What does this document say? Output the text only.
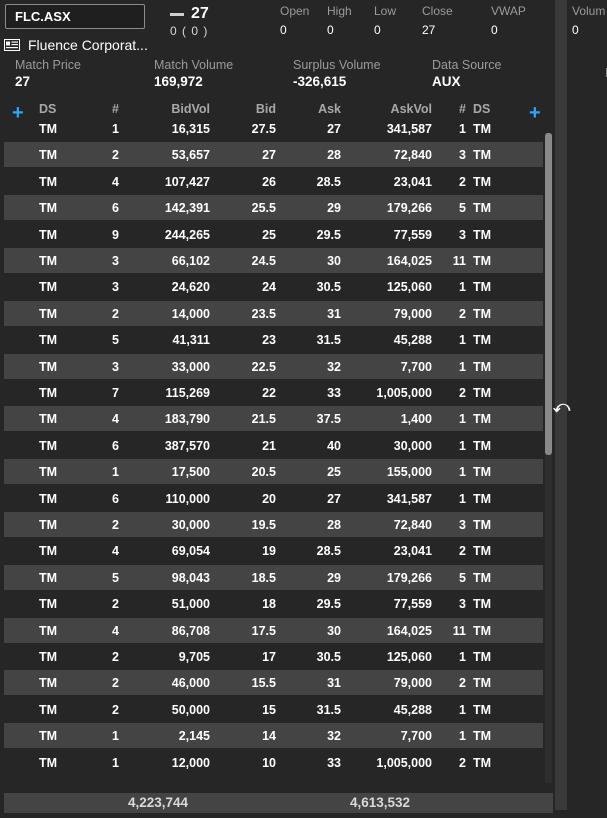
FLC.ASX
Fluence Corporat...
27
0 ( 0 )
Open High Low Close	VWAP	Volum
0	0	0	27	0	0
Match Price	Match Volume	Surplus Volume	Data Source
27	169,972	-326,615	AUX
+ DS	#	BidVol	Bid	Ask	AskVol # DS +
TM	1	16,315	27.5	27	341,587 1 TM
TM	2	53,657	27	28	72,840 3 TM
TM	4	107,427	26	28.5	23,041 2 TM
TM	6	142,391	25.5	29	179,266 5 TM
TM	9	244,265	25	29.5	77,559 3 TM
TM	3	66,102	24.5	30	164,025 11 TM
TM	3	24,620	24	30.5	125,060 1 TM
TM	2	14,000	23.5	31	79,000 2 TM
TM	5	41,311	23	31.5	45,288 1 TM
TM	3	33,000	22.5	32	7,700 1 TM
TM	7	115,269	22	33	1,005,000 2 TM
TM	4	183,790	21.5	37.5	1,400 1 TM
TM	6	387,570	21	40	30,000 1 TM
TM	1	17,500	20.5	25	155,000 1 TM
TM	6	110,000	20	27	341,587 1 TM
TM	2	30,000	19.5	28	72,840 3 TM
TM	4	69,054	19	28.5	23,041 2 TM
TM	5	98,043	18.5	29	179,266 5 TM
TM	2	51,000	18	29.5	77,559 3 TM
TM	4	86,708	17.5	30	164,025 11 TM
TM	2	9,705	17	30.5	125,060 1 TM
TM	2	46,000	15.5	31	79,000 2 TM
TM	2	50,000	15	31.5	45,288 1 TM
TM	1	2,145	14	32	7,700 1 TM
TM	1	12,000	10	33	1,005,000 2 TM
⤺
4,223,744	4,613,532
